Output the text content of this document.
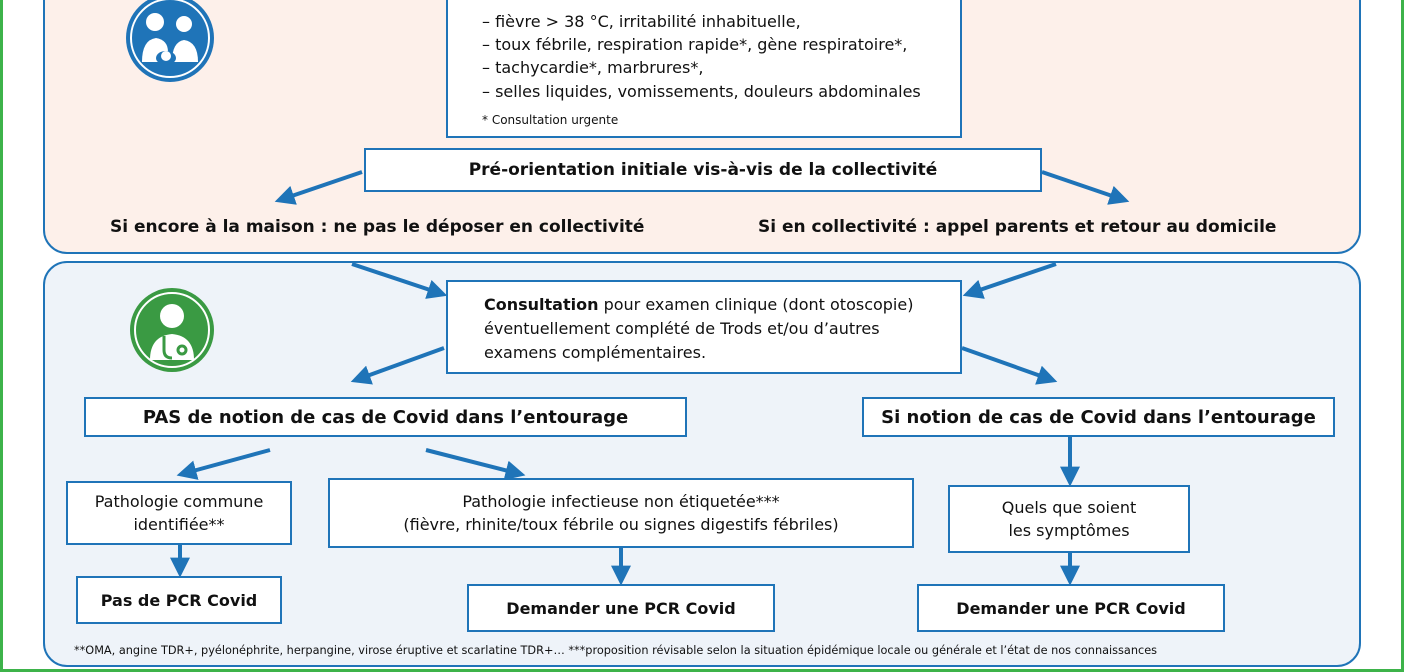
– fièvre > 38 °C, irritabilité inhabituelle,
– toux fébrile, respiration rapide*, gène respiratoire*,
– tachycardie*, marbrures*,
– selles liquides, vomissements, douleurs abdominales
* Consultation urgente
Pré-orientation initiale vis-à-vis de la collectivité
Si encore à la maison : ne pas le déposer en collectivité	Si en collectivité : appel parents et retour au domicile
Consultation pour examen clinique (dont otoscopie)
éventuellement complété de Trods et/ou d’autres
examens complémentaires.
PAS de notion de cas de Covid dans l’entourage	Si notion de cas de Covid dans l’entourage
Pathologie commune
identifiée**
Pathologie infectieuse non étiquetée***
(fièvre, rhinite/toux fébrile ou signes digestifs fébriles)
Quels que soient
les symptômes
Pas de PCR Covid	Demander une PCR Covid	Demander une PCR Covid
**OMA, angine TDR+, pyélonéphrite, herpangine, virose éruptive et scarlatine TDR+… ***proposition révisable selon la situation épidémique locale ou générale et l’état de nos connaissances
